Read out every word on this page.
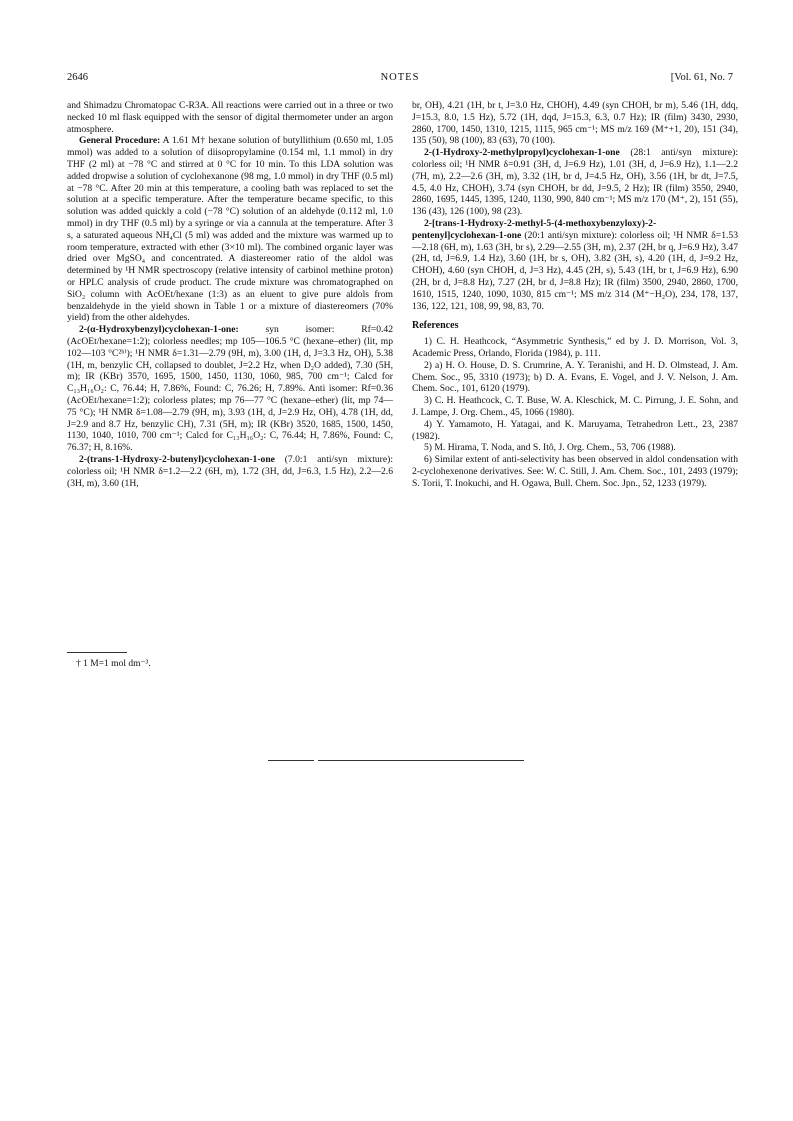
2646	NOTES	[Vol. 61, No. 7

and Shimadzu Chromatopac C-R3A. All reactions were carried out in a three or two necked 10 ml flask equipped with the sensor of digital thermometer under an argon atmosphere.

General Procedure: A 1.61 M† hexane solution of butyllithium (0.650 ml, 1.05 mmol) was added to a solution of diisopropylamine (0.154 ml, 1.1 mmol) in dry THF (2 ml) at −78 °C and stirred at 0 °C for 10 min. To this LDA solution was added dropwise a solution of cyclohexanone (98 mg, 1.0 mmol) in dry THF (0.5 ml) at −78 °C. After 20 min at this temperature, a cooling bath was replaced to set the solution at a specific temperature. After the temperature became specific, to this solution was added quickly a cold (−78 °C) solution of an aldehyde (0.112 ml, 1.0 mmol) in dry THF (0.5 ml) by a syringe or via a cannula at the temperature. After 3 s, a saturated aqueous NH₄Cl (5 ml) was added and the mixture was warmed up to room temperature, extracted with ether (3×10 ml). The combined organic layer was dried over MgSO₄ and concentrated. A diastereomer ratio of the aldol was determined by ¹H NMR spectroscopy (relative intensity of carbinol methine proton) or HPLC analysis of crude product. The crude mixture was chromatographed on SiO₂ column with AcOEt/hexane (1:3) as an eluent to give pure aldols from benzaldehyde in the yield shown in Table 1 or a mixture of diastereomers (70% yield) from the other aldehydes.

2-(α-Hydroxybenzyl)cyclohexan-1-one:	syn isomer: Rf=0.42 (AcOEt/hexane=1:2); colorless needles; mp 105—106.5 °C (hexane–ether) (lit, mp 102—103 °C²ᵇ⁾); ¹H NMR δ=1.31—2.79 (9H, m), 3.00 (1H, d, J=3.3 Hz, OH), 5.38 (1H, m, benzylic CH, collapsed to doublet, J=2.2 Hz, when D₂O added), 7.30 (5H, m); IR (KBr) 3570, 1695, 1500, 1450, 1130, 1060, 985, 700 cm⁻¹; Calcd for C₁₃H₁₆O₂: C, 76.44; H, 7.86%, Found: C, 76.26; H, 7.89%. Anti isomer: Rf=0.36 (AcOEt/hexane=1:2); colorless plates; mp 76—77 °C (hexane–ether) (lit, mp 74—75 °C); ¹H NMR δ=1.08—2.79 (9H, m), 3.93 (1H, d, J=2.9 Hz, OH), 4.78 (1H, dd, J=2.9 and 8.7 Hz, benzylic CH), 7.31 (5H, m); IR (KBr) 3520, 1685, 1500, 1450, 1130, 1040, 1010, 700 cm⁻¹; Calcd for C₁₃H₁₆O₂: C, 76.44; H, 7.86%, Found: C, 76.37; H, 8.16%.

2-(trans-1-Hydroxy-2-butenyl)cyclohexan-1-one (7.0:1 anti/syn mixture): colorless oil; ¹H NMR δ=1.2—2.2 (6H, m), 1.72 (3H, dd, J=6.3, 1.5 Hz), 2.2—2.6 (3H, m), 3.60 (1H,

† 1 M=1 mol dm⁻³.

br, OH), 4.21 (1H, br t, J=3.0 Hz, CHOH), 4.49 (syn CHOH, br m), 5.46 (1H, ddq, J=15.3, 8.0, 1.5 Hz), 5.72 (1H, dqd, J=15.3, 6.3, 0.7 Hz); IR (film) 3430, 2930, 2860, 1700, 1450, 1310, 1215, 1115, 965 cm⁻¹; MS m/z 169 (M⁺+1, 20), 151 (34), 135 (50), 98 (100), 83 (63), 70 (100).

2-(1-Hydroxy-2-methylpropyl)cyclohexan-1-one (28:1 anti/syn mixture): colorless oil; ¹H NMR δ=0.91 (3H, d, J=6.9 Hz), 1.01 (3H, d, J=6.9 Hz), 1.1—2.2 (7H, m), 2.2—2.6 (3H, m), 3.32 (1H, br d, J=4.5 Hz, OH), 3.56 (1H, br dt, J=7.5, 4.5, 4.0 Hz, CHOH), 3.74 (syn CHOH, br dd, J=9.5, 2 Hz); IR (film) 3550, 2940, 2860, 1695, 1445, 1395, 1240, 1130, 990, 840 cm⁻¹; MS m/z 170 (M⁺, 2), 151 (55), 136 (43), 126 (100), 98 (23).

2-[trans-1-Hydroxy-2-methyl-5-(4-methoxybenzyloxy)-2-pentenyl]cyclohexan-1-one (20:1 anti/syn mixture): colorless oil; ¹H NMR δ=1.53—2.18 (6H, m), 1.63 (3H, br s), 2.29—2.55 (3H, m), 2.37 (2H, br q, J=6.9 Hz), 3.47 (2H, td, J=6.9, 1.4 Hz), 3.60 (1H, br s, OH), 3.82 (3H, s), 4.20 (1H, d, J=9.2 Hz, CHOH), 4.60 (syn CHOH, d, J=3 Hz), 4.45 (2H, s), 5.43 (1H, br t, J=6.9 Hz), 6.90 (2H, br d, J=8.8 Hz), 7.27 (2H, br d, J=8.8 Hz); IR (film) 3500, 2940, 2860, 1700, 1610, 1515, 1240, 1090, 1030, 815 cm⁻¹; MS m/z 314 (M⁺−H₂O), 234, 178, 137, 136, 122, 121, 108, 99, 98, 83, 70.

References

1) C. H. Heathcock, “Asymmetric Synthesis,” ed by J. D. Morrison, Vol. 3, Academic Press, Orlando, Florida (1984), p. 111.

2) a) H. O. House, D. S. Crumrine, A. Y. Teranishi, and H. D. Olmstead, J. Am. Chem. Soc., 95, 3310 (1973); b) D. A. Evans, E. Vogel, and J. V. Nelson, J. Am. Chem. Soc., 101, 6120 (1979).

3) C. H. Heathcock, C. T. Buse, W. A. Kleschick, M. C. Pirrung, J. E. Sohn, and J. Lampe, J. Org. Chem., 45, 1066 (1980).

4) Y. Yamamoto, H. Yatagai, and K. Maruyama, Tetrahedron Lett., 23, 2387 (1982).

5) M. Hirama, T. Noda, and S. Itô, J. Org. Chem., 53, 706 (1988).

6) Similar extent of anti-selectivity has been observed in aldol condensation with 2-cyclohexenone derivatives. See: W. C. Still, J. Am. Chem. Soc., 101, 2493 (1979); S. Torii, T. Inokuchi, and H. Ogawa, Bull. Chem. Soc. Jpn., 52, 1233 (1979).
